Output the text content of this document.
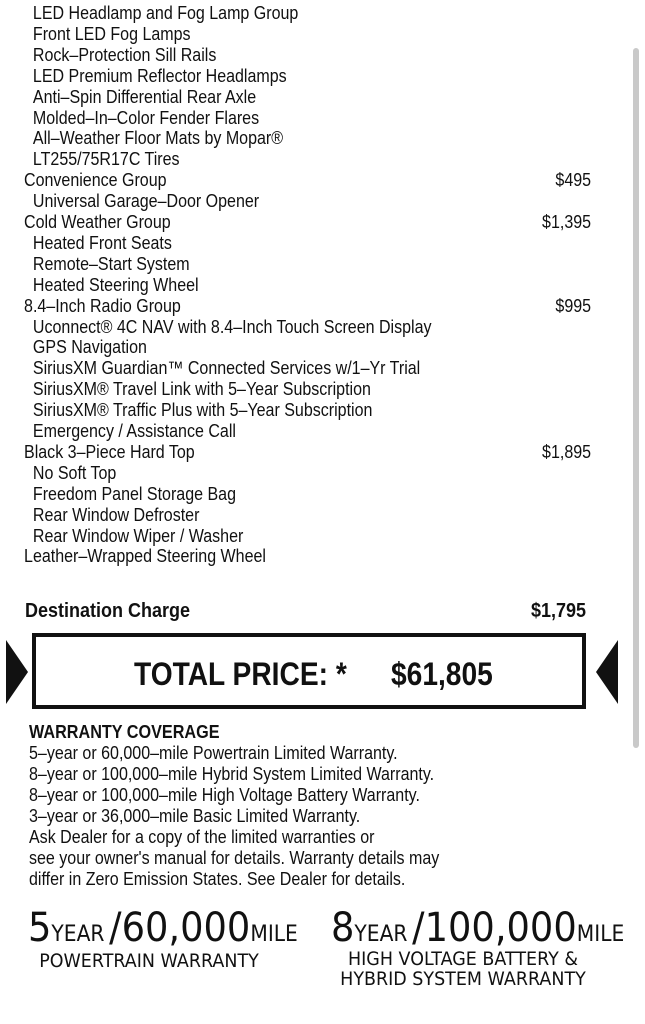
LED Headlamp and Fog Lamp Group
Front LED Fog Lamps
Rock–Protection Sill Rails
LED Premium Reflector Headlamps
Anti–Spin Differential Rear Axle
Molded–In–Color Fender Flares
All–Weather Floor Mats by Mopar®
LT255/75R17C Tires
$495
Convenience Group
Universal Garage–Door Opener
$1,395
Cold Weather Group
Heated Front Seats
Remote–Start System
Heated Steering Wheel
$995
8.4–Inch Radio Group
Uconnect® 4C NAV with 8.4–Inch Touch Screen Display
GPS Navigation
SiriusXM Guardian™ Connected Services w/1–Yr Trial
SiriusXM® Travel Link with 5–Year Subscription
SiriusXM® Traffic Plus with 5–Year Subscription
Emergency / Assistance Call
$1,895
Black 3–Piece Hard Top
No Soft Top
Freedom Panel Storage Bag
Rear Window Defroster
Rear Window Wiper / Washer
Leather–Wrapped Steering Wheel
Destination Charge	$1,795
TOTAL PRICE: * $61,805
WARRANTY COVERAGE
5–year or 60,000–mile Powertrain Limited Warranty.
8–year or 100,000–mile Hybrid System Limited Warranty.
8–year or 100,000–mile High Voltage Battery Warranty.
3–year or 36,000–mile Basic Limited Warranty.
Ask Dealer for a copy of the limited warranties or
see your owner's manual for details. Warranty details may
differ in Zero Emission States. See Dealer for details.
5YEAR /60,000MILE
POWERTRAIN WARRANTY
8YEAR /100,000MILE
HIGH VOLTAGE BATTERY &
HYBRID SYSTEM WARRANTY
